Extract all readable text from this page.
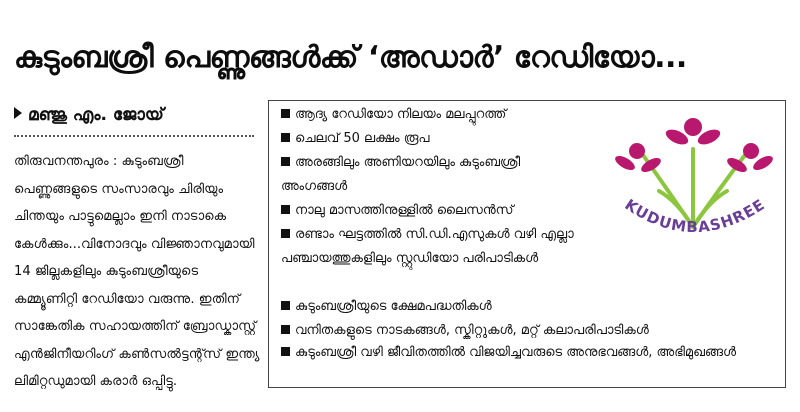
കുടുംബശ്രീ പെണ്ണുങ്ങൾക്ക് ‘അഡാർ’ റേഡിയോ...
മഞ്ജു എം. ജോയ്

തിരുവനന്തപുരം : കുടുംബശ്രീ പെണ്ണുങ്ങളുടെ സംസാരവും ചിരിയും ചിന്തയും പാട്ടുമെല്ലാം ഇനി നാടാകെ കേൾക്കും...വിനോദവും വിജ്ഞാനവുമായി 14 ജില്ലകളിലും കുടുംബശ്രീയുടെ കമ്മ്യൂണിറ്റി റേഡിയോ വരുന്നു. ഇതിന് സാങ്കേതിക സഹായത്തിന് ബ്രോഡ്കാസ്റ്റ് എൻജിനീയറിംഗ് കൺസൽട്ടന്റ്സ് ഇന്ത്യ ലിമിറ്റഡുമായി കരാർ ഒപ്പിട്ടു.

ആദ്യ റേഡിയോ നിലയം മലപ്പുറത്ത്
ചെലവ് 50 ലക്ഷം രൂപ
അരങ്ങിലും അണിയറയിലും കുടുംബശ്രീ അംഗങ്ങൾ
നാലു മാസത്തിനുള്ളിൽ ലൈസൻസ്
രണ്ടാം ഘട്ടത്തിൽ സി.ഡി.എസുകൾ വഴി എല്ലാ പഞ്ചായത്തുകളിലും സ്റ്റുഡിയോ പരിപാടികൾ
കുടുംബശ്രീയുടെ ക്ഷേമപദ്ധതികൾ
വനിതകളുടെ നാടകങ്ങൾ, സ്കിറ്റുകൾ, മറ്റ് കലാപരിപാടികൾ
കുടുംബശ്രീ വഴി ജീവിതത്തിൽ വിജയിച്ചവരുടെ അനുഭവങ്ങൾ, അഭിമുഖങ്ങൾ
KUDUMBASHREE
